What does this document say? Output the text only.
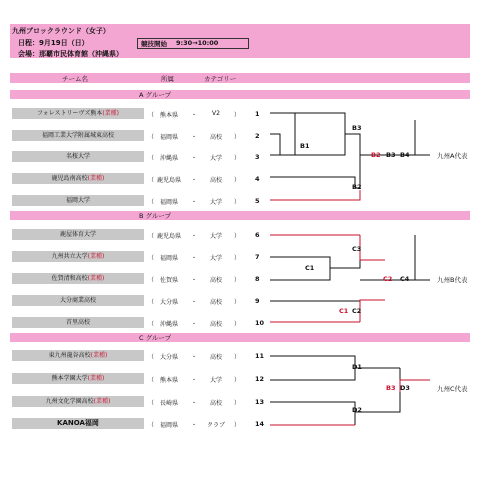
九州ブロックラウンド（女子）
日程：9月19日（日）
会場：那覇市民体育館（沖縄県）
競技開始 9:30→10:00
チーム名	所属	カテゴリー
A グループ
B グループ
C グループ
フォレストリーヴズ熊本(業種)	（ 熊本県	・	V2	） 1
福岡工業大学附属城東高校	（ 福岡県	・	高校	） 2
名桜大学	（ 沖縄県	・	大学	） 3
鹿児島南高校(業種)	（ 鹿児島県	・	高校	） 4
福岡大学	（ 福岡県	・	大学	） 5
鹿屋体育大学	（ 鹿児島県	・	大学	） 6
九州共立大学(業種)	（ 福岡県	・	大学	） 7
佐賀清和高校(業種)	（ 佐賀県	・	高校	） 8
大分商業高校	（ 大分県	・	高校	） 9
首里高校	（ 沖縄県	・	高校	） 10
東九州龍谷高校(業種)	（ 大分県	・	高校	） 11
熊本学園大学(業種)	（ 熊本県	・	大学	） 12
九州文化学園高校(業種)	（ 長崎県	・	高校	） 13
KANOA福岡	（ 福岡県	・	クラブ	） 14
B3
B1
B2
B2 B3 B4	九州A代表
C3
C1
C1 C2
C2 C4	九州B代表
D1
D2
B3 D3	九州C代表
